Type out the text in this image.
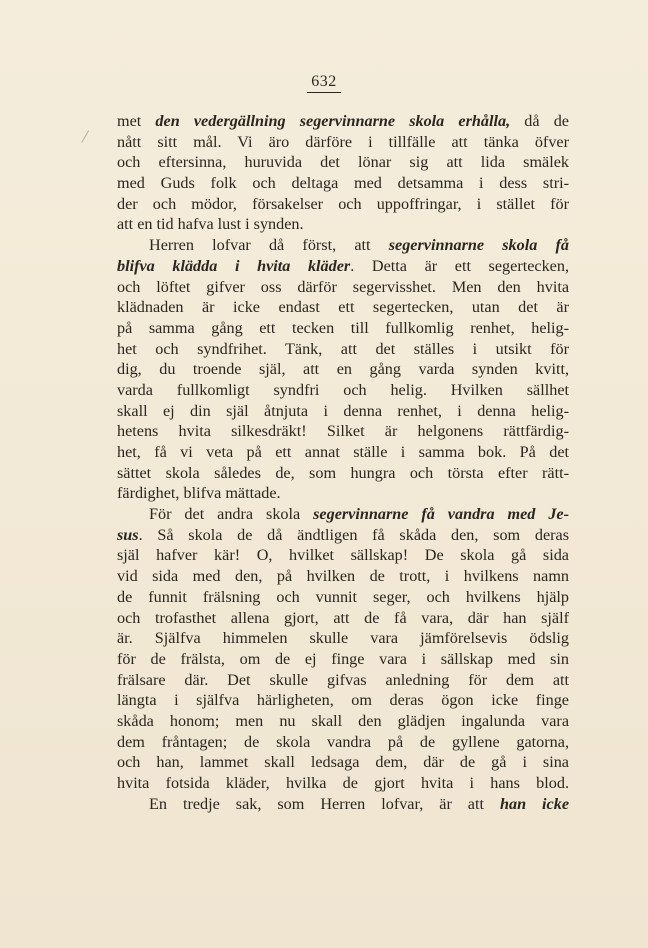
632
met den vedergällning segervinnarne skola erhålla, då de
nått sitt mål. Vi äro därföre i tillfälle att tänka öfver
och eftersinna, huruvida det lönar sig att lida smälek
med Guds folk och deltaga med detsamma i dess stri-
der och mödor, försakelser och uppoffringar, i stället för
att en tid hafva lust i synden.
Herren lofvar då först, att segervinnarne skola få
blifva klädda i hvita kläder. Detta är ett segertecken,
och löftet gifver oss därför segervisshet. Men den hvita
klädnaden är icke endast ett segertecken, utan det är
på samma gång ett tecken till fullkomlig renhet, helig-
het och syndfrihet. Tänk, att det ställes i utsikt för
dig, du troende själ, att en gång varda synden kvitt,
varda fullkomligt syndfri och helig. Hvilken sällhet
skall ej din själ åtnjuta i denna renhet, i denna helig-
hetens hvita silkesdräkt! Silket är helgonens rättfärdig-
het, få vi veta på ett annat ställe i samma bok. På det
sättet skola således de, som hungra och törsta efter rätt-
färdighet, blifva mättade.
För det andra skola segervinnarne få vandra med Je-
sus. Så skola de då ändtligen få skåda den, som deras
själ hafver kär! O, hvilket sällskap! De skola gå sida
vid sida med den, på hvilken de trott, i hvilkens namn
de funnit frälsning och vunnit seger, och hvilkens hjälp
och trofasthet allena gjort, att de få vara, där han själf
är. Själfva himmelen skulle vara jämförelsevis ödslig
för de frälsta, om de ej finge vara i sällskap med sin
frälsare där. Det skulle gifvas anledning för dem att
längta i själfva härligheten, om deras ögon icke finge
skåda honom; men nu skall den glädjen ingalunda vara
dem fråntagen; de skola vandra på de gyllene gatorna,
och han, lammet skall ledsaga dem, där de gå i sina
hvita fotsida kläder, hvilka de gjort hvita i hans blod.
En tredje sak, som Herren lofvar, är att han icke
